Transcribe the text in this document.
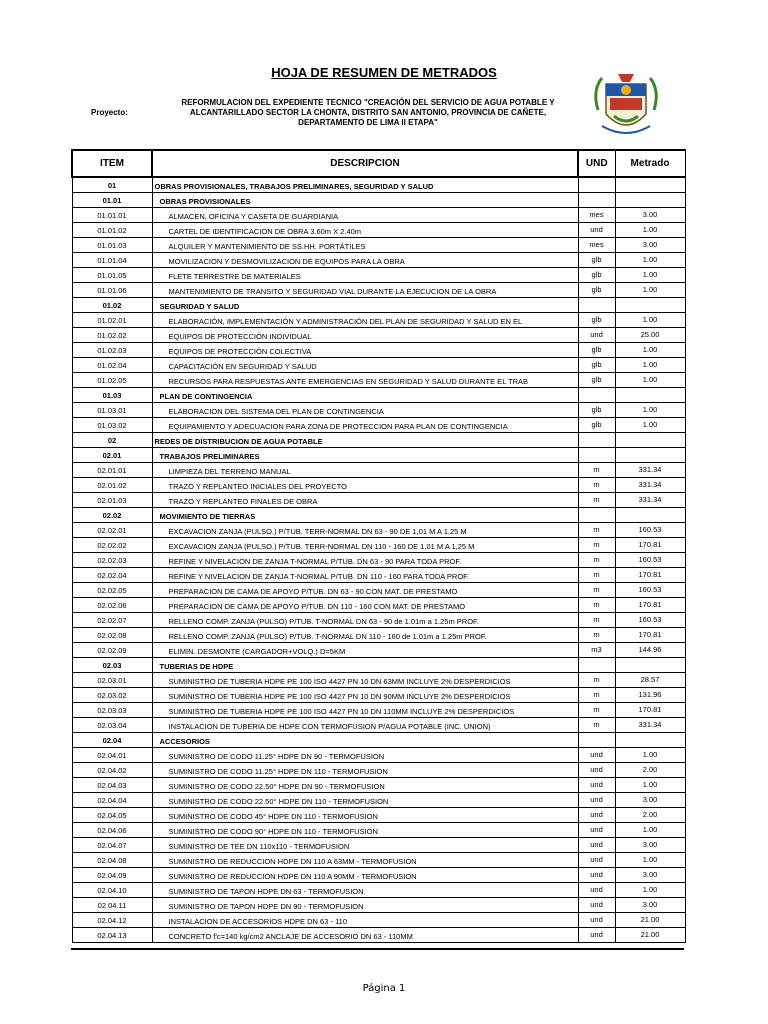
HOJA DE RESUMEN DE METRADOS
Proyecto:
REFORMULACION DEL EXPEDIENTE TECNICO "CREACIÓN DEL SERVICIO DE AGUA POTABLE Y
ALCANTARILLADO SECTOR LA CHONTA, DISTRITO SAN ANTONIO, PROVINCIA DE CAÑETE,
DEPARTAMENTO DE LIMA II ETAPA"
ITEM	DESCRIPCION	UND	Metrado
01	OBRAS PROVISIONALES, TRABAJOS PRELIMINARES, SEGURIDAD Y SALUD		
01.01	OBRAS PROVISIONALES		
01.01.01	ALMACEN, OFICINA Y CASETA DE GUARDIANIA	mes	3.00
01.01.02	CARTEL DE IDENTIFICACION DE OBRA 3.60m X 2.40m	und	1.00
01.01.03	ALQUILER Y MANTENIMIENTO DE SS.HH. PORTÁTILES	mes	3.00
01.01.04	MOVILIZACION Y DESMOVILIZACION DE EQUIPOS PARA LA OBRA	glb	1.00
01.01.05	FLETE TERRESTRE DE MATERIALES	glb	1.00
01.01.06	MANTENIMIENTO DE TRANSITO Y SEGURIDAD VIAL DURANTE LA EJECUCION DE LA OBRA	glb	1.00
01.02	SEGURIDAD Y SALUD		
01.02.01	ELABORACIÓN, IMPLEMENTACIÓN Y ADMINISTRACIÓN DEL PLAN DE SEGURIDAD Y SALUD EN EL	glb	1.00
01.02.02	EQUIPOS DE PROTECCIÓN INDIVIDUAL	und	25.00
01.02.03	EQUIPOS DE PROTECCIÓN COLECTIVA	glb	1.00
01.02.04	CAPACITACIÓN EN SEGURIDAD Y SALUD	glb	1.00
01.02.05	RECURSOS PARA RESPUESTAS ANTE EMERGENCIAS EN SEGURIDAD Y SALUD DURANTE EL TRAB	glb	1.00
01.03	PLAN DE CONTINGENCIA		
01.03.01	ELABORACION DEL SISTEMA DEL PLAN DE CONTINGENCIA	glb	1.00
01.03.02	EQUIPAMIENTO Y ADECUACION PARA ZONA DE PROTECCION PARA PLAN DE CONTINGENCIA	glb	1.00
02	REDES DE DISTRIBUCION DE AGUA POTABLE		
02.01	TRABAJOS PRELIMINARES		
02.01.01	LIMPIEZA DEL TERRENO MANUAL	m	331.34
02.01.02	TRAZO Y REPLANTEO INICIALES DEL PROYECTO	m	331.34
02.01.03	TRAZO Y REPLANTEO FINALES DE OBRA	m	331.34
02.02	MOVIMIENTO DE TIERRAS		
02.02.01	EXCAVACION ZANJA (PULSO.) P/TUB. TERR-NORMAL DN 63 - 90 DE 1,01 M A 1,25 M	m	160.53
02.02.02	EXCAVACION ZANJA (PULSO.) P/TUB. TERR-NORMAL DN 110 - 160 DE 1,01 M A 1,25 M	m	170.81
02.02.03	REFINE Y NIVELACION DE ZANJA T-NORMAL P/TUB. DN 63 - 90 PARA TODA PROF.	m	160.53
02.02.04	REFINE Y NIVELACION DE ZANJA T-NORMAL P/TUB. DN 110 - 160 PARA TODA PROF.	m	170.81
02.02.05	PREPARACION DE CAMA DE APOYO P/TUB. DN 63 - 90 CON MAT. DE PRESTAMO	m	160.53
02.02.06	PREPARACION DE CAMA DE APOYO P/TUB. DN 110 - 160 CON MAT. DE PRESTAMO	m	170.81
02.02.07	RELLENO COMP. ZANJA (PULSO) P/TUB. T-NORMAL DN 63 - 90 de 1.01m a 1.25m PROF.	m	160.53
02.02.08	RELLENO COMP. ZANJA (PULSO) P/TUB. T-NORMAL DN 110 - 160 de 1.01m a 1.25m PROF.	m	170.81
02.02.09	ELIMIN. DESMONTE (CARGADOR+VOLQ.) D=5KM	m3	144.96
02.03	TUBERIAS DE HDPE		
02.03.01	SUMINISTRO DE TUBERIA HDPE PE 100 ISO 4427 PN 10 DN 63MM INCLUYE 2% DESPERDICIOS	m	28.57
02.03.02	SUMINISTRO DE TUBERIA HDPE PE 100 ISO 4427 PN 10 DN 90MM INCLUYE 2% DESPERDICIOS	m	131.96
02.03.03	SUMINISTRO DE TUBERIA HDPE PE 100 ISO 4427 PN 10 DN 110MM INCLUYE 2% DESPERDICIOS	m	170.81
02.03.04	INSTALACION DE TUBERIA DE HDPE CON TERMOFUSION P/AGUA POTABLE (INC. UNION)	m	331.34
02.04	ACCESORIOS		
02.04.01	SUMINISTRO DE CODO 11.25° HDPE DN 90 - TERMOFUSION	und	1.00
02.04.02	SUMINISTRO DE CODO 11.25° HDPE DN 110 - TERMOFUSION	und	2.00
02.04.03	SUMINISTRO DE CODO 22.50° HDPE DN 90 - TERMOFUSION	und	1.00
02.04.04	SUMINISTRO DE CODO 22.50° HDPE DN 110 - TERMOFUSION	und	3.00
02.04.05	SUMINISTRO DE CODO 45° HDPE DN 110 - TERMOFUSION	und	2.00
02.04.06	SUMINISTRO DE CODO 90° HDPE DN 110 - TERMOFUSION	und	1.00
02.04.07	SUMINISTRO DE TEE DN 110x110 - TERMOFUSION	und	3.00
02.04.08	SUMINISTRO DE REDUCCION HDPE DN 110 A 63MM - TERMOFUSION	und	1.00
02.04.09	SUMINISTRO DE REDUCCION HDPE DN 110 A 90MM - TERMOFUSION	und	3.00
02.04.10	SUMINISTRO DE TAPON HDPE DN 63 - TERMOFUSION	und	1.00
02.04.11	SUMINISTRO DE TAPON HDPE DN 90 - TERMOFUSION	und	3.00
02.04.12	INSTALACION DE ACCESORIOS HDPE DN 63 - 110	und	21.00
02.04.13	CONCRETO f'c=140 kg/cm2 ANCLAJE DE ACCESORIO DN 63 - 110MM	und	21.00
Página 1
